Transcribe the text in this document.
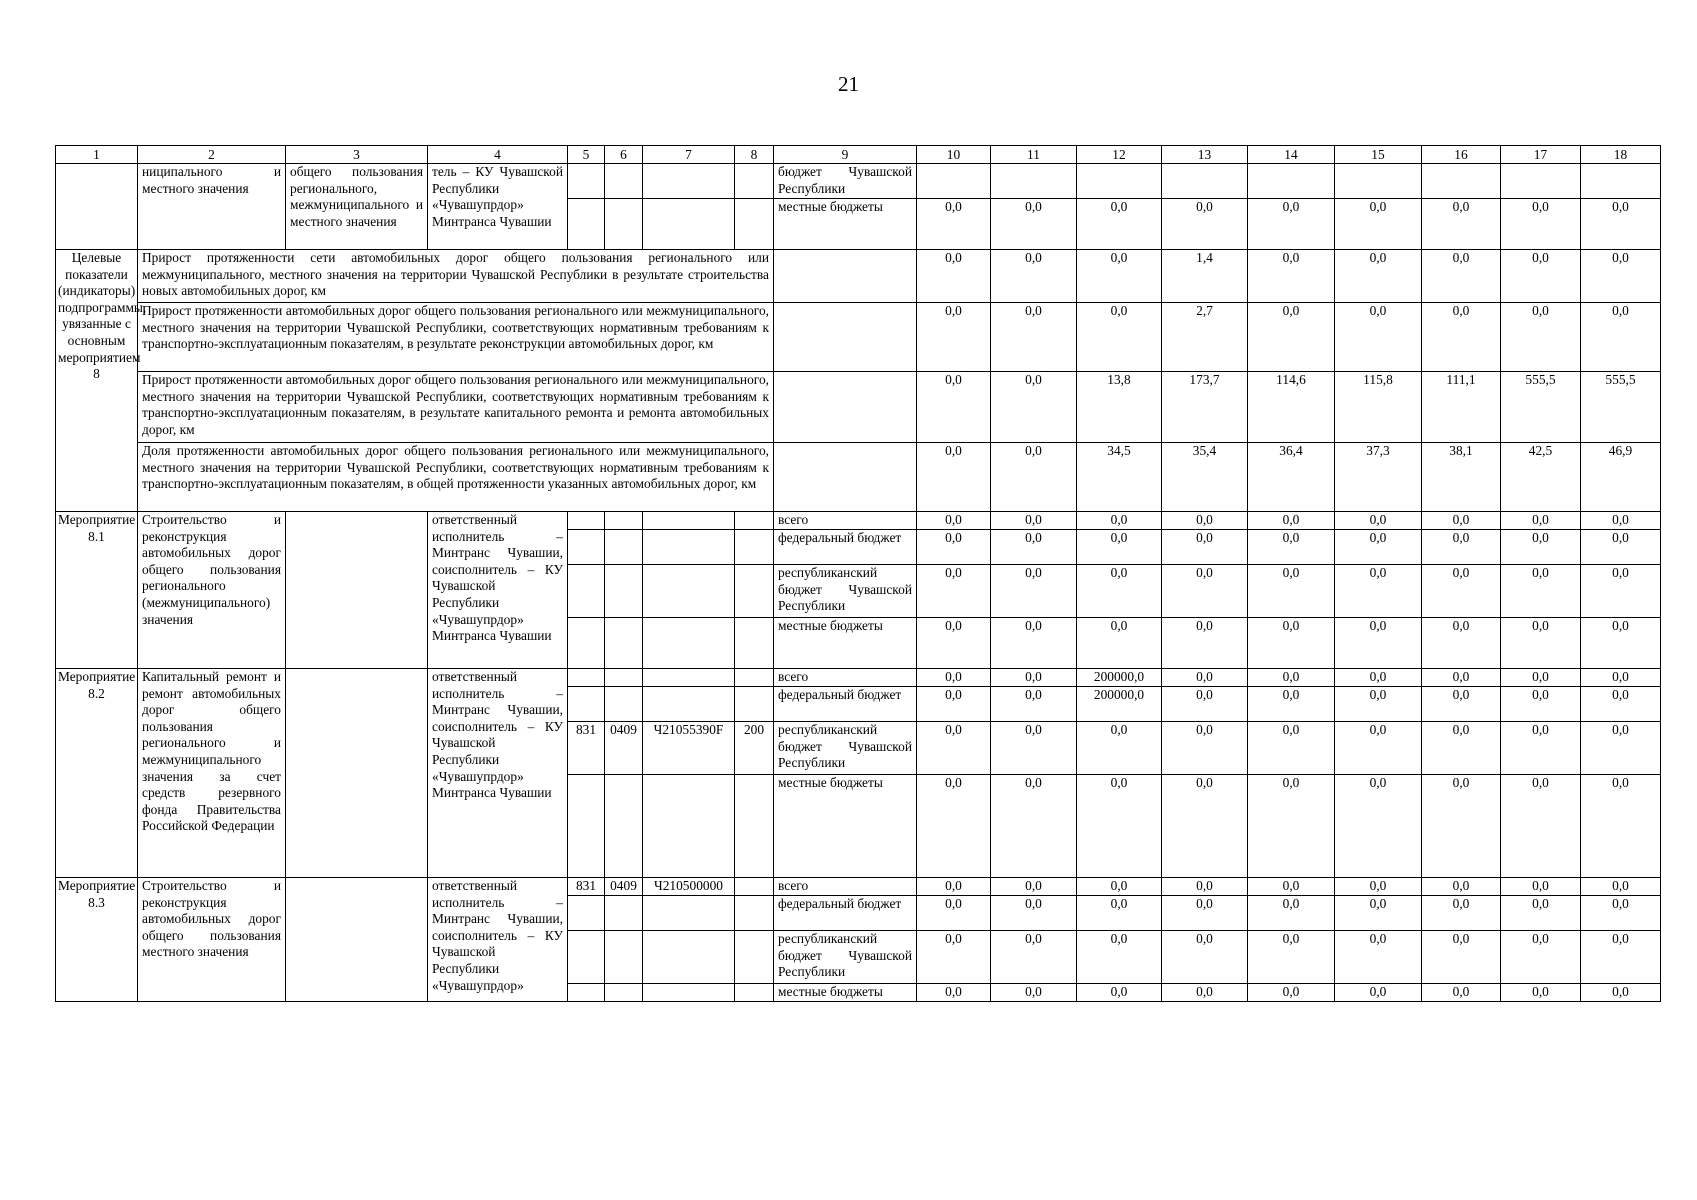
21
1	2	3	4	5	6	7	8	9	10	11	12	13	14	15	16	17	18
	ниципального и местного значения	общего пользования регионального, межмуниципального и местного значения	тель – КУ Чувашской Республики «Чувашупрдор» Минтранса Чувашии					бюджет Чувашской Республики									
								местные бюджеты	0,0	0,0	0,0	0,0	0,0	0,0	0,0	0,0	0,0
Целевые показатели (индикаторы) подпрограммы, увязанные с основным мероприятием 8	Прирост протяженности сети автомобильных дорог общего пользования регионального или межмуниципального, местного значения на территории Чувашской Республики в результате строительства новых автомобильных дорог, км								0,0	0,0	0,0	1,4	0,0	0,0	0,0	0,0	0,0
	Прирост протяженности автомобильных дорог общего пользования регионального или межмуниципального, местного значения на территории Чувашской Республики, соответствующих нормативным требованиям к транспортно-эксплуатационным показателям, в результате реконструкции автомобильных дорог, км								0,0	0,0	0,0	2,7	0,0	0,0	0,0	0,0	0,0
	Прирост протяженности автомобильных дорог общего пользования регионального или межмуниципального, местного значения на территории Чувашской Республики, соответствующих нормативным требованиям к транспортно-эксплуатационным показателям, в результате капитального ремонта и ремонта автомобильных дорог, км								0,0	0,0	13,8	173,7	114,6	115,8	111,1	555,5	555,5
	Доля протяженности автомобильных дорог общего пользования регионального или межмуниципального, местного значения на территории Чувашской Республики, соответствующих нормативным требованиям к транспортно-эксплуатационным показателям, в общей протяженности указанных автомобильных дорог, км								0,0	0,0	34,5	35,4	36,4	37,3	38,1	42,5	46,9
Мероприятие 8.1	Строительство и реконструкция автомобильных дорог общего пользования регионального (межмуниципального) значения		ответственный исполнитель – Минтранс Чувашии, соисполнитель – КУ Чувашской Республики «Чувашупрдор» Минтранса Чувашии					всего	0,0	0,0	0,0	0,0	0,0	0,0	0,0	0,0	0,0
								федеральный бюджет	0,0	0,0	0,0	0,0	0,0	0,0	0,0	0,0	0,0
								республиканский бюджет Чувашской Республики	0,0	0,0	0,0	0,0	0,0	0,0	0,0	0,0	0,0
								местные бюджеты	0,0	0,0	0,0	0,0	0,0	0,0	0,0	0,0	0,0
Мероприятие 8.2	Капитальный ремонт и ремонт автомобильных дорог общего пользования регионального и межмуниципального значения за счет средств резервного фонда Правительства Российской Федерации		ответственный исполнитель – Минтранс Чувашии, соисполнитель – КУ Чувашской Республики «Чувашупрдор» Минтранса Чувашии					всего	0,0	0,0	200000,0	0,0	0,0	0,0	0,0	0,0	0,0
								федеральный бюджет	0,0	0,0	200000,0	0,0	0,0	0,0	0,0	0,0	0,0
				831	0409	Ч21055390F	200	республиканский бюджет Чувашской Республики	0,0	0,0	0,0	0,0	0,0	0,0	0,0	0,0	0,0
								местные бюджеты	0,0	0,0	0,0	0,0	0,0	0,0	0,0	0,0	0,0
Мероприятие 8.3	Строительство и реконструкция автомобильных дорог общего пользования местного значения		ответственный исполнитель – Минтранс Чувашии, соисполнитель – КУ Чувашской Республики «Чувашупрдор»	831	0409	Ч210500000		всего	0,0	0,0	0,0	0,0	0,0	0,0	0,0	0,0	0,0
								федеральный бюджет	0,0	0,0	0,0	0,0	0,0	0,0	0,0	0,0	0,0
								республиканский бюджет Чувашской Республики	0,0	0,0	0,0	0,0	0,0	0,0	0,0	0,0	0,0
								местные бюджеты	0,0	0,0	0,0	0,0	0,0	0,0	0,0	0,0	0,0
